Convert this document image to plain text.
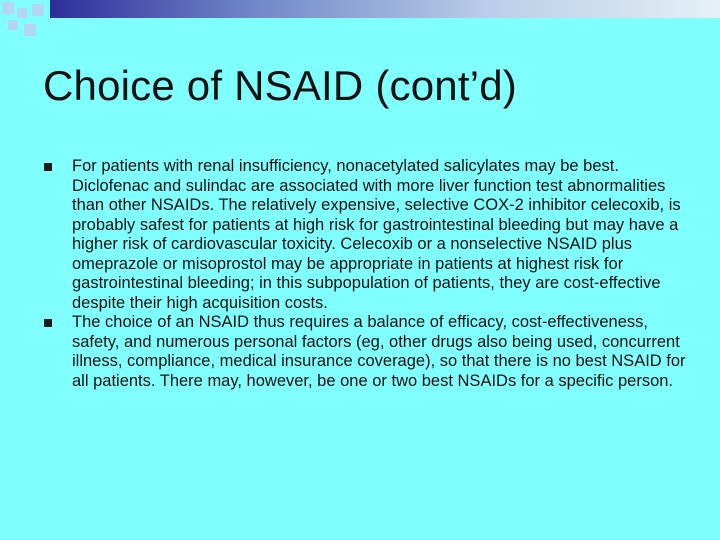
Choice of NSAID (cont’d)
For patients with renal insufficiency, nonacetylated salicylates may be best. Diclofenac and sulindac are associated with more liver function test abnormalities than other NSAIDs. The relatively expensive, selective COX-2 inhibitor celecoxib, is probably safest for patients at high risk for gastrointestinal bleeding but may have a higher risk of cardiovascular toxicity. Celecoxib or a nonselective NSAID plus omeprazole or misoprostol may be appropriate in patients at highest risk for gastrointestinal bleeding; in this subpopulation of patients, they are cost-effective despite their high acquisition costs.
The choice of an NSAID thus requires a balance of efficacy, cost-effectiveness, safety, and numerous personal factors (eg, other drugs also being used, concurrent illness, compliance, medical insurance coverage), so that there is no best NSAID for all patients. There may, however, be one or two best NSAIDs for a specific person.
